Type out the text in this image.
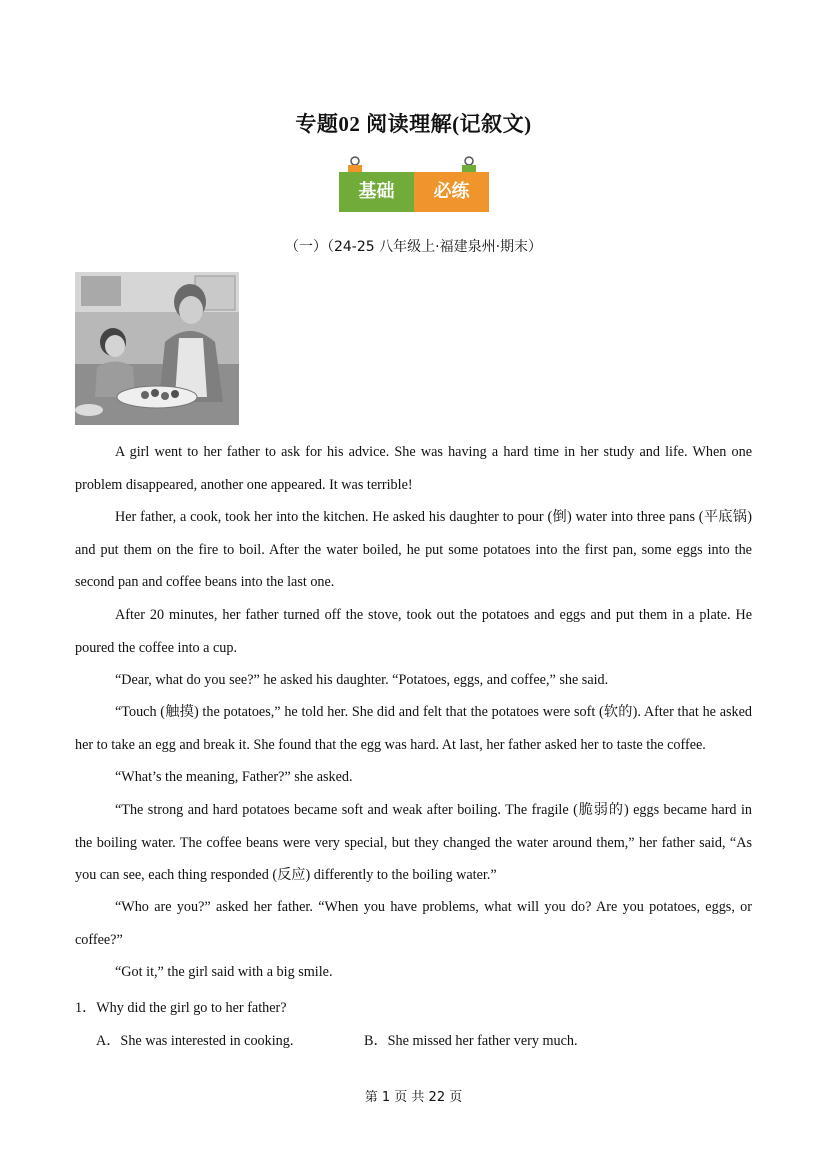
专题02 阅读理解(记叙文)
基础	必练
（一）（24-25 八年级上·福建泉州·期末）
A girl went to her father to ask for his advice. She was having a hard time in her study and life. When one problem disappeared, another one appeared. It was terrible!
Her father, a cook, took her into the kitchen. He asked his daughter to pour (倒) water into three pans (平底锅) and put them on the fire to boil. After the water boiled, he put some potatoes into the first pan, some eggs into the second pan and coffee beans into the last one.
After 20 minutes, her father turned off the stove, took out the potatoes and eggs and put them in a plate. He poured the coffee into a cup.
“Dear, what do you see?” he asked his daughter. “Potatoes, eggs, and coffee,” she said.
“Touch (触摸) the potatoes,” he told her. She did and felt that the potatoes were soft (软的). After that he asked her to take an egg and break it. She found that the egg was hard. At last, her father asked her to taste the coffee.
“What’s the meaning, Father?” she asked.
“The strong and hard potatoes became soft and weak after boiling. The fragile (脆弱的) eggs became hard in the boiling water. The coffee beans were very special, but they changed the water around them,” her father said, “As you can see, each thing responded (反应) differently to the boiling water.”
“Who are you?” asked her father. “When you have problems, what will you do? Are you potatoes, eggs, or coffee?”
“Got it,” the girl said with a big smile.
1．Why did the girl go to her father?
A．She was interested in cooking.	B．She missed her father very much.
第 1 页 共 22 页
